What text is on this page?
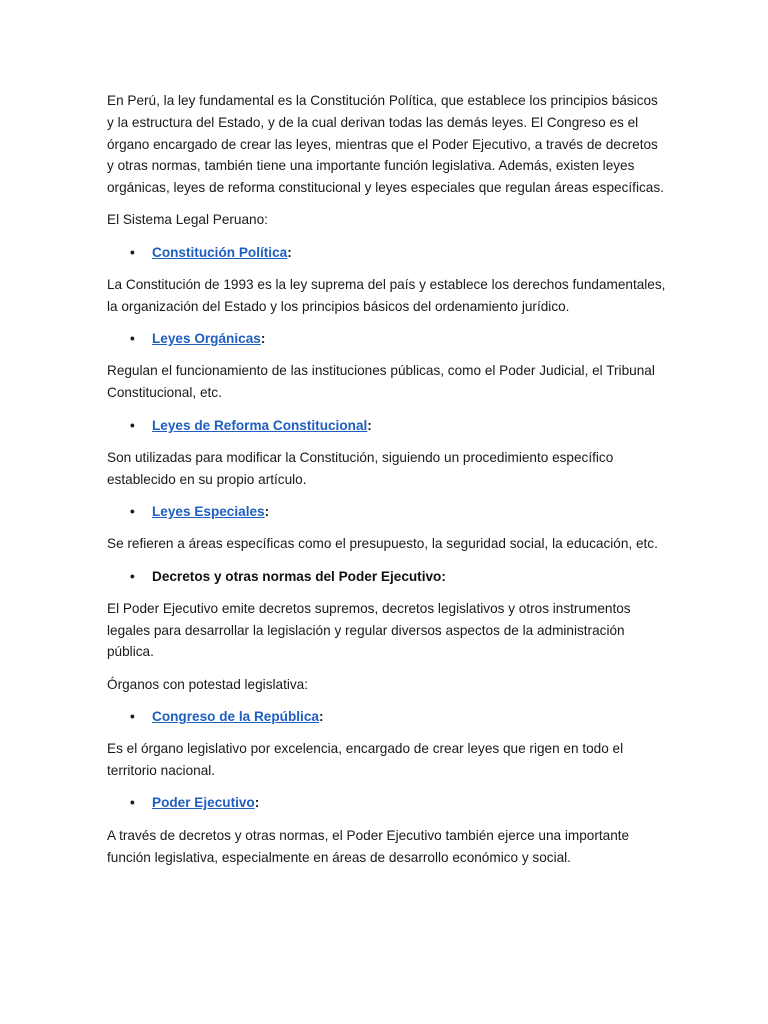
En Perú, la ley fundamental es la Constitución Política, que establece los principios básicos y la estructura del Estado, y de la cual derivan todas las demás leyes. El Congreso es el órgano encargado de crear las leyes, mientras que el Poder Ejecutivo, a través de decretos y otras normas, también tiene una importante función legislativa. Además, existen leyes orgánicas, leyes de reforma constitucional y leyes especiales que regulan áreas específicas.

El Sistema Legal Peruano:

• Constitución Política:

La Constitución de 1993 es la ley suprema del país y establece los derechos fundamentales, la organización del Estado y los principios básicos del ordenamiento jurídico.

• Leyes Orgánicas:

Regulan el funcionamiento de las instituciones públicas, como el Poder Judicial, el Tribunal Constitucional, etc.

• Leyes de Reforma Constitucional:

Son utilizadas para modificar la Constitución, siguiendo un procedimiento específico establecido en su propio artículo.

• Leyes Especiales:

Se refieren a áreas específicas como el presupuesto, la seguridad social, la educación, etc.

• Decretos y otras normas del Poder Ejecutivo:

El Poder Ejecutivo emite decretos supremos, decretos legislativos y otros instrumentos legales para desarrollar la legislación y regular diversos aspectos de la administración pública.

Órganos con potestad legislativa:

• Congreso de la República:

Es el órgano legislativo por excelencia, encargado de crear leyes que rigen en todo el territorio nacional.

• Poder Ejecutivo:

A través de decretos y otras normas, el Poder Ejecutivo también ejerce una importante función legislativa, especialmente en áreas de desarrollo económico y social.
